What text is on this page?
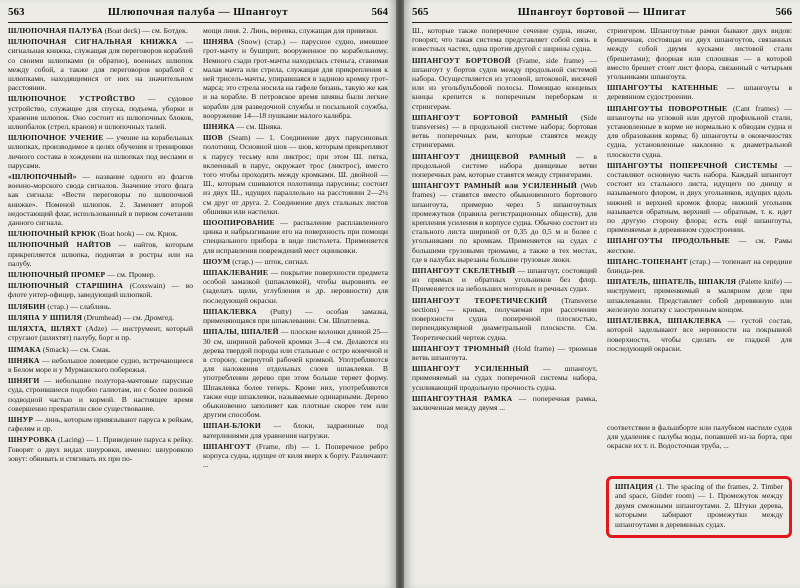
563	Шлюпочная палуба — Шпангоут	564

ШЛЮПОЧНАЯ ПАЛУБА (Boat deck) — см. Ботдек.

ШЛЮПОЧНАЯ СИГНАЛЬНАЯ КНИЖКА — сигнальная книжка, служащая для переговоров кораблей со своими шлюпками (и обратно), военных шлюпок между собой, а также для переговоров кораблей с шлюпками, находящимися от них на значительном расстоянии.

ШЛЮПОЧНОЕ УСТРОЙСТВО — судовое устройство, служащее для спуска, подъема, уборки и хранения шлюпок. Оно состоит из шлюпочных блоков, шлюпбалок (стрел, кранов) и шлюпочных талей.

ШЛЮПОЧНОЕ УЧЕНИЕ — учение на корабельных шлюпках, производимое в целях обучения и тренировки личного состава в хождении на шлюпках под веслами и парусами.

«ШЛЮПОЧНЫЙ» — название одного из флагов военно-морского свода сигналов. Значение этого флага как сигнала: «Вести переговоры по шлюпочной книжке». Поменой шлюпок. 2. Заменяет второй недостающий флаг, использованный в первом сочетании данного сигнала.

ШЛЮПОЧНЫЙ КРЮК (Boat hook) — см. Крюк.

ШЛЮПОЧНЫЙ НАЙТОВ — найтов, которым прикрепляется шлюпка, поднятая в ростры или на палубу.

ШЛЮПОЧНЫЙ ПРОМЕР — см. Промер.

ШЛЮПОЧНЫЙ СТАРШИНА (Coxswain) — во флоте унтер-офицер, заведующий шлюпкой.

ШЛЯБИН (стар.) — слаблинь.

ШЛЯПА У ШПИЛЯ (Drumhead) — см. Дромгед.

ШЛЯХТА, ШЛЯХТ (Adze) — инструмент, который стругают (шляхтят) палубу, борт и пр.

ШМАКА (Smack) — см. Смак.

ШНЯКА — небольшое ловецкое судно, встречающееся в Белом море и у Мурманского побережья.

ШНЯГИ — небольшие полутора-мачтовые парусные суда, строившиеся подобно галиотам, но с более полной подводной частью и кормой. В настоящее время совершенно прекратили свое существование.

ШНУР — линь, которым привязывают паруса к рейкам, гафелям и пр.

ШНУРОВКА (Lacing) — 1. Приведение паруса к рейку. Говорят о двух видах шнуровки, именно: шнуровкою зовут: обвивать и стягивать их при по-

мощи линя. 2. Линь, веревка, служащая для привязки.

ШНЯВА (Snow) (стар.) — парусное судно, имевшее грот-мачту и бушприт, вооруженное по корабельному. Немного сзади грот-мачты находилась стеньга, ставимая малая мачта или стрела, служащая для прикрепления к ней трисель-мачты, упиравшаяся в заднюю кромку грот-марса; это стрела носила на гафеле бизань, такую же как и на корабле. В петровское время шнявы были легкие корабли для разведочной службы и посыльной службы, вооружение 14—18 пушками малого калибра.

ШНЯКА — см. Шняка.

ШОВ (Seam) — 1. Соединение двух парусиновых полотнищ. Основной шов — шов, которым прикрепляют к парусу тесьму или ликтрос; при этом Ш. пятка, вклеенный в парус, окружает трос (ликтрос), вместо того чтобы проходить между кромками. Ш. двойной — Ш., которым сшиваются полотнища парусины; состоит из двух Ш., идущих параллельно на расстоянии 2—2½ см друг от друга. 2. Соединение двух стальных листов обшивки или настилки.

ШООПИРОВАНИЕ — распыление расплавленного цинка и набрызгивание его на поверхность при помощи специального прибора в виде пистолета. Применяется для исправления повреждений мест оцинковки.

ШОУМ (стар.) — шток, сигнал.

ШПАКЛЕВАНИЕ — покрытие поверхности предмета особой замазкой (шпаклевкой), чтобы выровнять ее (заделать щели, углубления и др. неровности) для последующей окраски.

ШПАКЛЕВКА (Putty) — особая замазка, применяющаяся при шпаклевании. См. Шпатлевка.

ШПАЛЫ, ШПАЛЕЙ — плоские колонки длиной 25—30 см, шириной рабочей кромки 3—4 см. Делаются из дерева твердой породы или стальные с остро конечной и в сторону, свернутой рабочей кромкой. Употребляются для наложения отдельных слоев шпаклевки. В употреблении дерево при этом больше теряет форму. Шпаклевка более теперь. Кроме них, употребляются также еще шпаклевки, называемые одинарными. Дерево обыкновенно заполняет как плотные скорее тем или другим способом.

ШПАН-БЛОКИ — блоки, задраенные под ватерлиниями для уравнения нагрузки.

ШПАНГОУТ (Frame, rib) — 1. Поперечное ребро корпуса судна, идущее от киля вверх к борту. Различают: ...

565	Шпангоут бортовой — Шпигат	566

Ш., которые также поперечное сечение судна, иначе, говорят, что такая система представляет собой связь в известных частях, одна против другой с ширины судна.

ШПАНГОУТ БОРТОВОЙ (Frame, side frame) — шпангоут у бортов судов между продольной системой набора. Осуществляется из угловой, штоковой, висячей или из угольбульбовой полосы. Помощью концевых кницы крепится к поперечным переборкам и стрингерам.

ШПАНГОУТ БОРТОВОЙ РАМНЫЙ (Side transverses) — в продольной системе набора; бортовая ветвь поперечных рам, которые ставятся между стрингерами.

ШПАНГОУТ ДНИЩЕВОЙ РАМНЫЙ — в продольной системе набора днищевые ветви поперечных рам, которые ставятся между стрингерами.

ШПАНГОУТ РАМНЫЙ или УСИЛЕННЫЙ (Web frames) — ставятся вместо обыкновенного бортового шпангоута, примерно через 5 шпангоутных промежутков (правила регистрационных обществ), для крепления усиления в корпусе судна. Обычно состоит из стального листа шириной от 0,35 до 0,5 м и более с угольниками по кромкам. Применяется на судах с большими грузовыми трюмами, а также в тех местах, где в палубах вырезаны большие грузовые люки.

ШПАНГОУТ СКЕЛЕТНЫЙ — шпангоут, состоящий из прямых и обратных угольников без флор. Применяется на небольших моторных и речных судах.

ШПАНГОУТ ТЕОРЕТИЧЕСКИЙ (Transverse sections) — кривая, получаемая при рассечении поверхности судна поперечной плоскостью, перпендикулярной диаметральной плоскости. См. Теоретический чертеж судна.

ШПАНГОУТ ТРЮМНЫЙ (Hold frame) — трюмная ветвь шпангоута.

ШПАНГОУТ УСИЛЕННЫЙ — шпангоут, применяемый на судах поперечной системы набора, усиливающий продольную прочность судна.

ШПАНГОУТНАЯ РАМКА — поперечная рамка, заключенная между двумя ...

стрингером. Шпангоутные рамки бывают двух видов: брешечная, состоящая из двух шпангоутов, связанных между собой двумя кусками листовой стали (брешетами); флорная или сплошная — в которой вместо брешет стоит лист флора, связанный с четырьмя угольниками шпангоута.

ШПАНГОУТЫ КАТЕННЫЕ — шпангоуты в деревянном судостроении.

ШПАНГОУТЫ ПОВОРОТНЫЕ (Cant frames) — шпангоуты на угловой или другой профильной стали, установленные в корме не нормально к обводам судна и для образования кормы; б) шпангоуты в оконечностях судна, установленные наклонно к диаметральной плоскости судна.

ШПАНГОУТЫ ПОПЕРЕЧНОЙ СИСТЕМЫ — составляют основную часть набора. Каждый шпангоут состоит из стального листа, идущего по днищу и называемого флором, и двух угольников, идущих вдоль нижней и верхней кромок флора; нижний угольник называется обратным, верхний — обратным, т. к. идет по другую сторону флора; есть ещё шпангоуты, применяемые в деревянном судостроении.

ШПАНГОУТЫ ПРОДОЛЬНЫЕ — см. Рамы жесткие.

ШПАНС-ТОПЕНАНТ (стар.) — топенант на середине блинда-рея.

ШПАТЕЛЬ, ШПАТЕЛЬ, ШПАКЛЯ (Palette knife) — инструмент, применяемый в малярном деле при шпаклевании. Представляет собой деревянную или железную лопатку с заостренным концом.

ШПАТЛЕВКА, ШПАКЛЕВКА — густой состав, которой заделывают все неровности на покрывной поверхности, чтобы сделать ее гладкой для последующей окраски.

соответствии в фальшборте или палубном настиле судов для удаления с палубы воды, попавшей из-за борта, при окраске их т. п. Водосточная труба, ...

ШПАЦИЯ (1. The spacing of the frames, 2. Timber and space, Ginder room) — 1. Промежуток между двумя смежными шпангоутами. 2. Штуки дерева, которыми забирают промежутки между шпангоутами в деревянных судах.
